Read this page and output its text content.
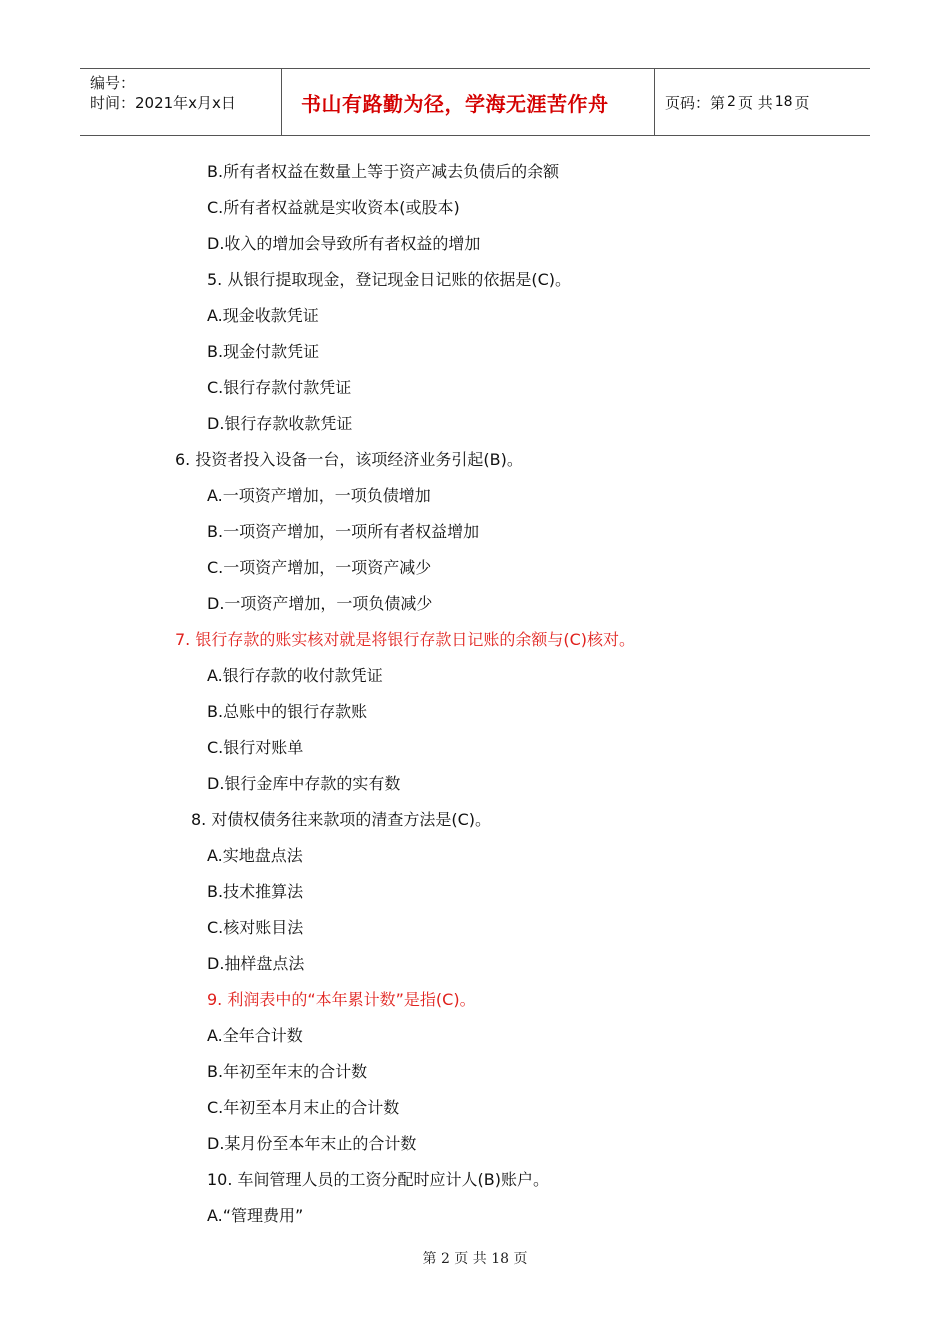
编号：
时间：2021年x月x日	书山有路勤为径，学海无涯苦作舟	页码：第 2 页 共 18 页
B.所有者权益在数量上等于资产减去负债后的余额
C.所有者权益就是实收资本(或股本)
D.收入的增加会导致所有者权益的增加
5. 从银行提取现金，登记现金日记账的依据是(C)。
A.现金收款凭证
B.现金付款凭证
C.银行存款付款凭证
D.银行存款收款凭证
6. 投资者投入设备一台，该项经济业务引起(B)。
A.一项资产增加，一项负债增加
B.一项资产增加，一项所有者权益增加
C.一项资产增加，一项资产减少
D.一项资产增加，一项负债减少
7. 银行存款的账实核对就是将银行存款日记账的余额与(C)核对。
A.银行存款的收付款凭证
B.总账中的银行存款账
C.银行对账单
D.银行金库中存款的实有数
8. 对债权债务往来款项的清查方法是(C)。
A.实地盘点法
B.技术推算法
C.核对账目法
D.抽样盘点法
9. 利润表中的“本年累计数”是指(C)。
A.全年合计数
B.年初至年末的合计数
C.年初至本月末止的合计数
D.某月份至本年末止的合计数
10. 车间管理人员的工资分配时应计人(B)账户。
A.“管理费用”
第 2 页 共 18 页
